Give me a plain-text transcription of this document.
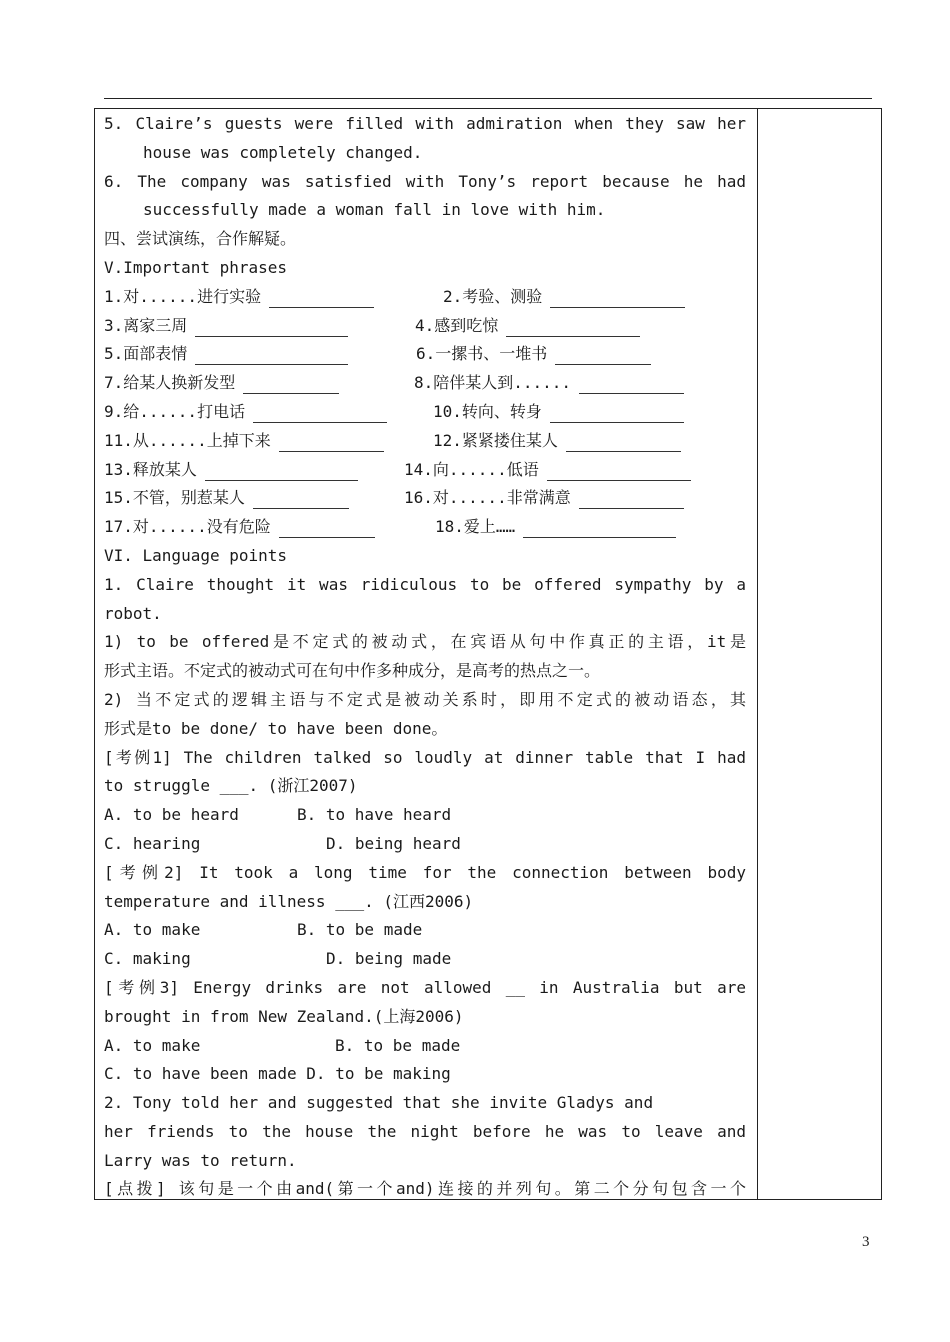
5. Claire’s guests were filled with admiration when they saw her
house was completely changed.
6. The company was satisfied with Tony’s report because he had
successfully made a woman fall in love with him.
四、尝试演练，合作解疑。
V.Important phrases
1.对......进行实验	2.考验、测验
3.离家三周	4.感到吃惊
5.面部表情	6.一摞书、一堆书
7.给某人换新发型	8.陪伴某人到......
9.给......打电话	10.转向、转身
11.从......上掉下来	12.紧紧搂住某人
13.释放某人	14.向......低语
15.不管，别惹某人	16.对......非常满意
17.对......没有危险	18.爱上……
VI. Language points
1. Claire thought it was ridiculous to be offered sympathy by a
robot.
1) to be offered是不定式的被动式，在宾语从句中作真正的主语，it是
形式主语。不定式的被动式可在句中作多种成分，是高考的热点之一。
2) 当不定式的逻辑主语与不定式是被动关系时，即用不定式的被动语态，其
形式是to be done/ to have been done。
[考例1] The children talked so loudly at dinner table that I had
to struggle ___. (浙江2007)
A. to be heard	B. to have heard
C. hearing	D. being heard
[考例2] It took a long time for the connection between body
temperature and illness ___. (江西2006)
A. to make	B. to be made
C. making	D. being made
[考例3] Energy drinks are not allowed __ in Australia but are
brought in from New Zealand.(上海2006)
A. to make	B. to be made
C. to have been made D. to be making
2. Tony told her and suggested that she invite Gladys and
her friends to the house the night before he was to leave and
Larry was to return.
[点拨] 该句是一个由and(第一个and)连接的并列句。第二个分句包含一个
3
